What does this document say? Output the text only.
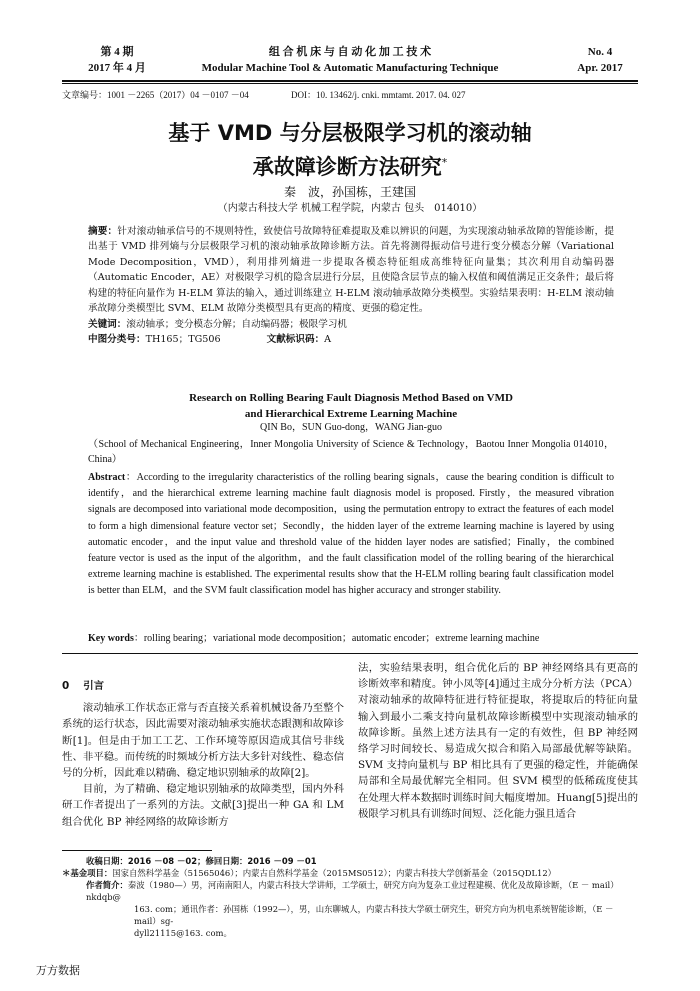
第 4 期
2017 年 4 月
组 合 机 床 与 自 动 化 加 工 技 术
Modular Machine Tool & Automatic Manufacturing Technique
No. 4
Apr. 2017
文章编号：1001 －2265（2017）04 －0107 －04	DOI：10. 13462/j. cnki. mmtamt. 2017. 04. 027
基于 VMD 与分层极限学习机的滚动轴
承故障诊断方法研究*
秦　波，孙国栋，王建国
（内蒙古科技大学 机械工程学院，内蒙古 包头　014010）
摘要：针对滚动轴承信号的不规则特性，致使信号故障特征难提取及难以辨识的问题，为实现滚动轴承故障的智能诊断，提出基于 VMD 排列熵与分层极限学习机的滚动轴承故障诊断方法。首先将测得振动信号进行变分模态分解（Variational Mode Decomposition，VMD），利用排列熵进一步提取各模态特征组成高维特征向量集；其次利用自动编码器（Automatic Encoder，AE）对极限学习机的隐含层进行分层，且使隐含层节点的输入权值和阈值满足正交条件；最后将构建的特征向量作为 H-ELM 算法的输入，通过训练建立 H-ELM 滚动轴承故障分类模型。实验结果表明：H-ELM 滚动轴承故障分类模型比 SVM、ELM 故障分类模型具有更高的精度、更强的稳定性。
关键词：滚动轴承；变分模态分解；自动编码器；极限学习机
中图分类号：TH165；TG506	文献标识码：A
Research on Rolling Bearing Fault Diagnosis Method Based on VMD
and Hierarchical Extreme Learning Machine
QIN Bo，SUN Guo-dong，WANG Jian-guo
（School of Mechanical Engineering，Inner Mongolia University of Science & Technology，Baotou Inner Mongolia 014010，China）
Abstract：According to the irregularity characteristics of the rolling bearing signals，cause the bearing condition is difficult to identify，and the hierarchical extreme learning machine fault diagnosis model is proposed. Firstly，the measured vibration signals are decomposed into variational mode decomposition，using the permutation entropy to extract the features of each model to form a high dimensional feature vector set；Secondly，the hidden layer of the extreme learning machine is layered by using automatic encoder，and the input value and threshold value of the hidden layer nodes are satisfied；Finally，the combined feature vector is used as the input of the algorithm，and the fault classification model of the rolling bearing of the hierarchical extreme learning machine is established. The experimental results show that the H-ELM rolling bearing fault classification model is better than ELM，and the SVM fault classification model has higher accuracy and stronger stability.
Key words：rolling bearing；variational mode decomposition；automatic encoder；extreme learning machine
0 引言

滚动轴承工作状态正常与否直接关系着机械设备乃至整个系统的运行状态，因此需要对滚动轴承实施状态跟测和故障诊断[1]。但是由于加工工艺、工作环境等原因造成其信号非线性、非平稳。而传统的时频域分析方法大多针对线性、稳态信号的分析，因此难以精确、稳定地识别轴承的故障[2]。

目前，为了精确、稳定地识别轴承的故障类型，国内外科研工作者提出了一系列的方法。文献[3]提出一种 GA 和 LM 组合优化 BP 神经网络的故障诊断方

法，实验结果表明，组合优化后的 BP 神经网络具有更高的诊断效率和精度。钟小凤等[4]通过主成分分析方法（PCA）对滚动轴承的故障特征进行特征提取，将提取后的特征向量输入到最小二乘支持向量机故障诊断模型中实现滚动轴承的故障诊断。虽然上述方法具有一定的有效性，但 BP 神经网络学习时间较长、易造成欠拟合和陷入局部最优解等缺陷。SVM 支持向量机与 BP 相比具有了更强的稳定性，并能确保局部和全局最优解完全相同。但 SVM 模型的低稀疏度使其在处理大样本数据时训练时间大幅度增加。Huang[5]提出的极限学习机具有训练时间短、泛化能力强且适合

收稿日期：2016 －08 －02；修回日期：2016 －09 －01
＊基金项目：国家自然科学基金（51565046）；内蒙古自然科学基金（2015MS0512）；内蒙古科技大学创新基金（2015QDL12）
作者简介：秦波（1980—）男，河南南阳人，内蒙古科技大学讲师，工学硕士，研究方向为复杂工业过程建模、优化及故障诊断，（E － mail）nkdqb@
163. com；通讯作者：孙国栋（1992—），男，山东聊城人，内蒙古科技大学硕士研究生，研究方向为机电系统智能诊断，（E － mail）sg-
dyll21115@163. com。
万方数据
